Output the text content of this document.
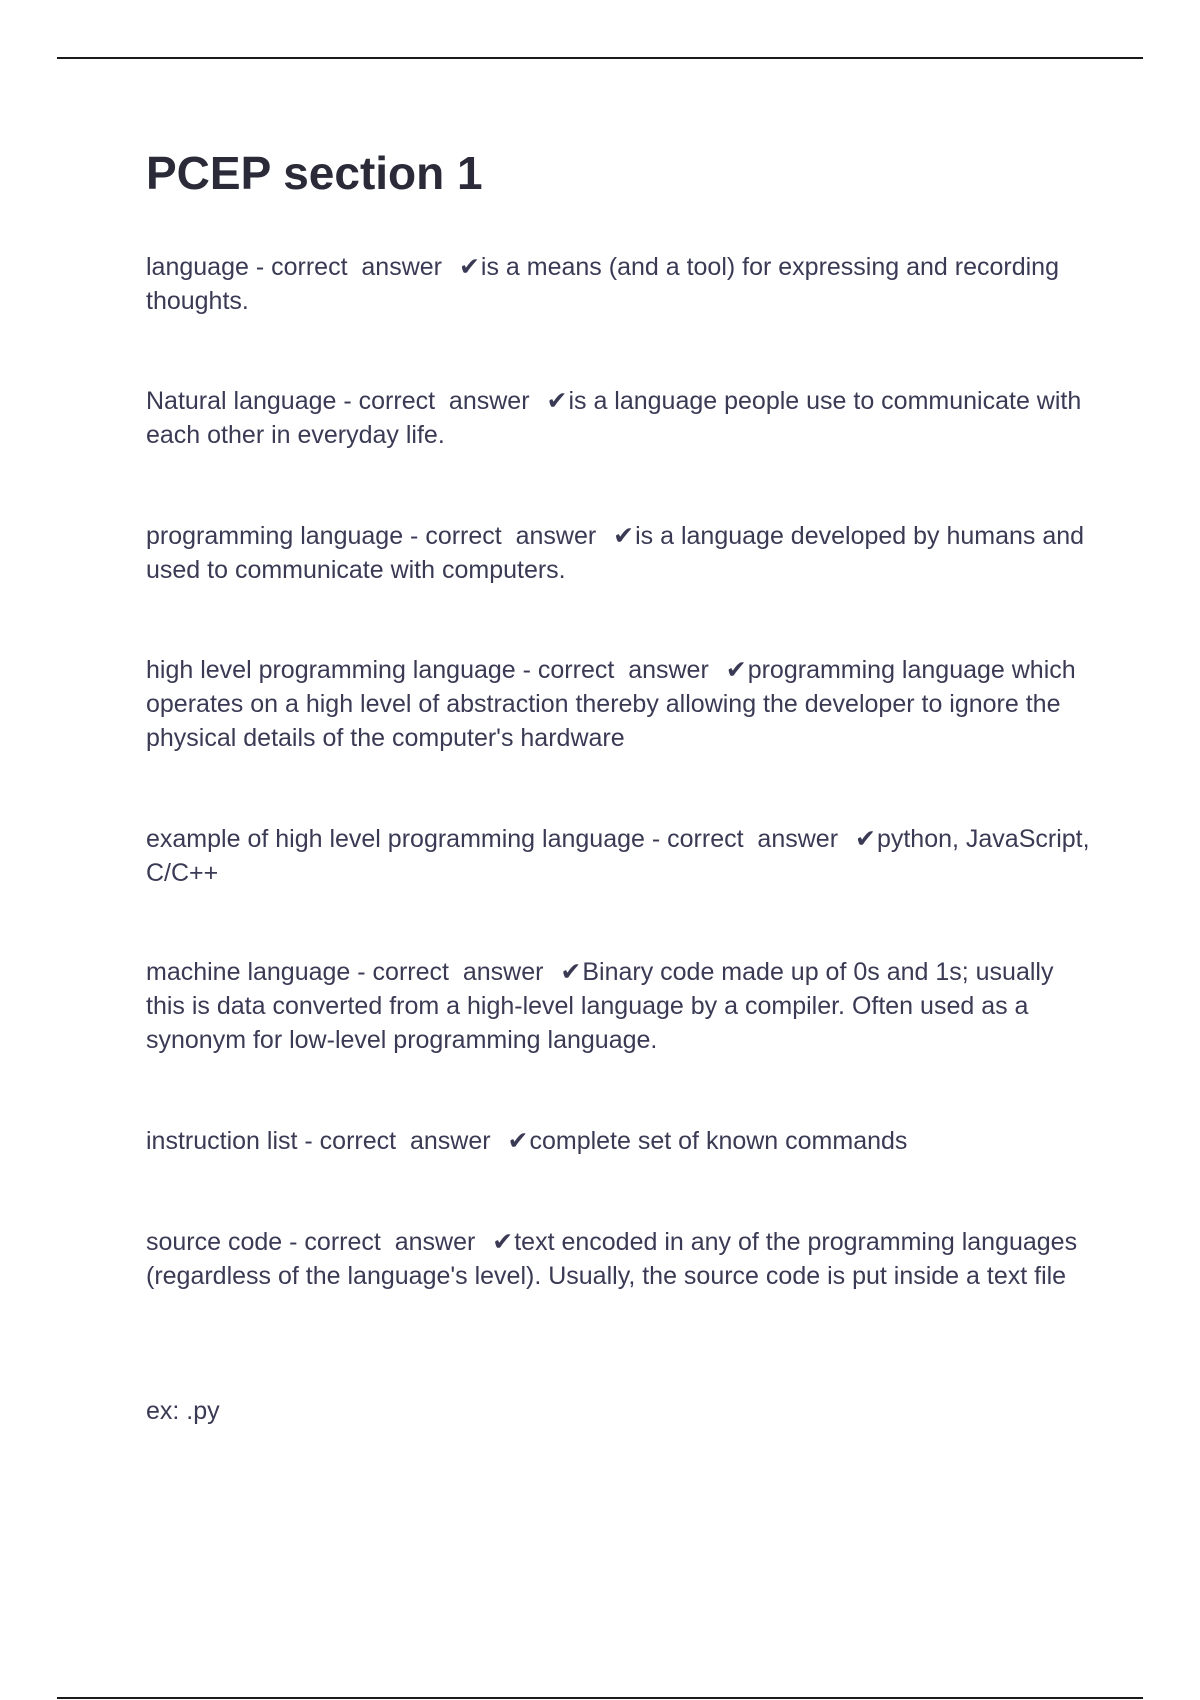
PCEP section 1

language - correct  answer ✔is a means (and a tool) for expressing and recording thoughts.

Natural language - correct  answer ✔is a language people use to communicate with each other in everyday life.

programming language - correct  answer ✔is a language developed by humans and used to communicate with computers.

high level programming language - correct  answer ✔programming language which operates on a high level of abstraction thereby allowing the developer to ignore the physical details of the computer's hardware

example of high level programming language - correct  answer ✔python, JavaScript, C/C++

machine language - correct  answer ✔Binary code made up of 0s and 1s; usually this is data converted from a high-level language by a compiler. Often used as a synonym for low-level programming language.

instruction list - correct  answer ✔complete set of known commands

source code - correct  answer ✔text encoded in any of the programming languages (regardless of the language's level). Usually, the source code is put inside a text file

ex: .py
